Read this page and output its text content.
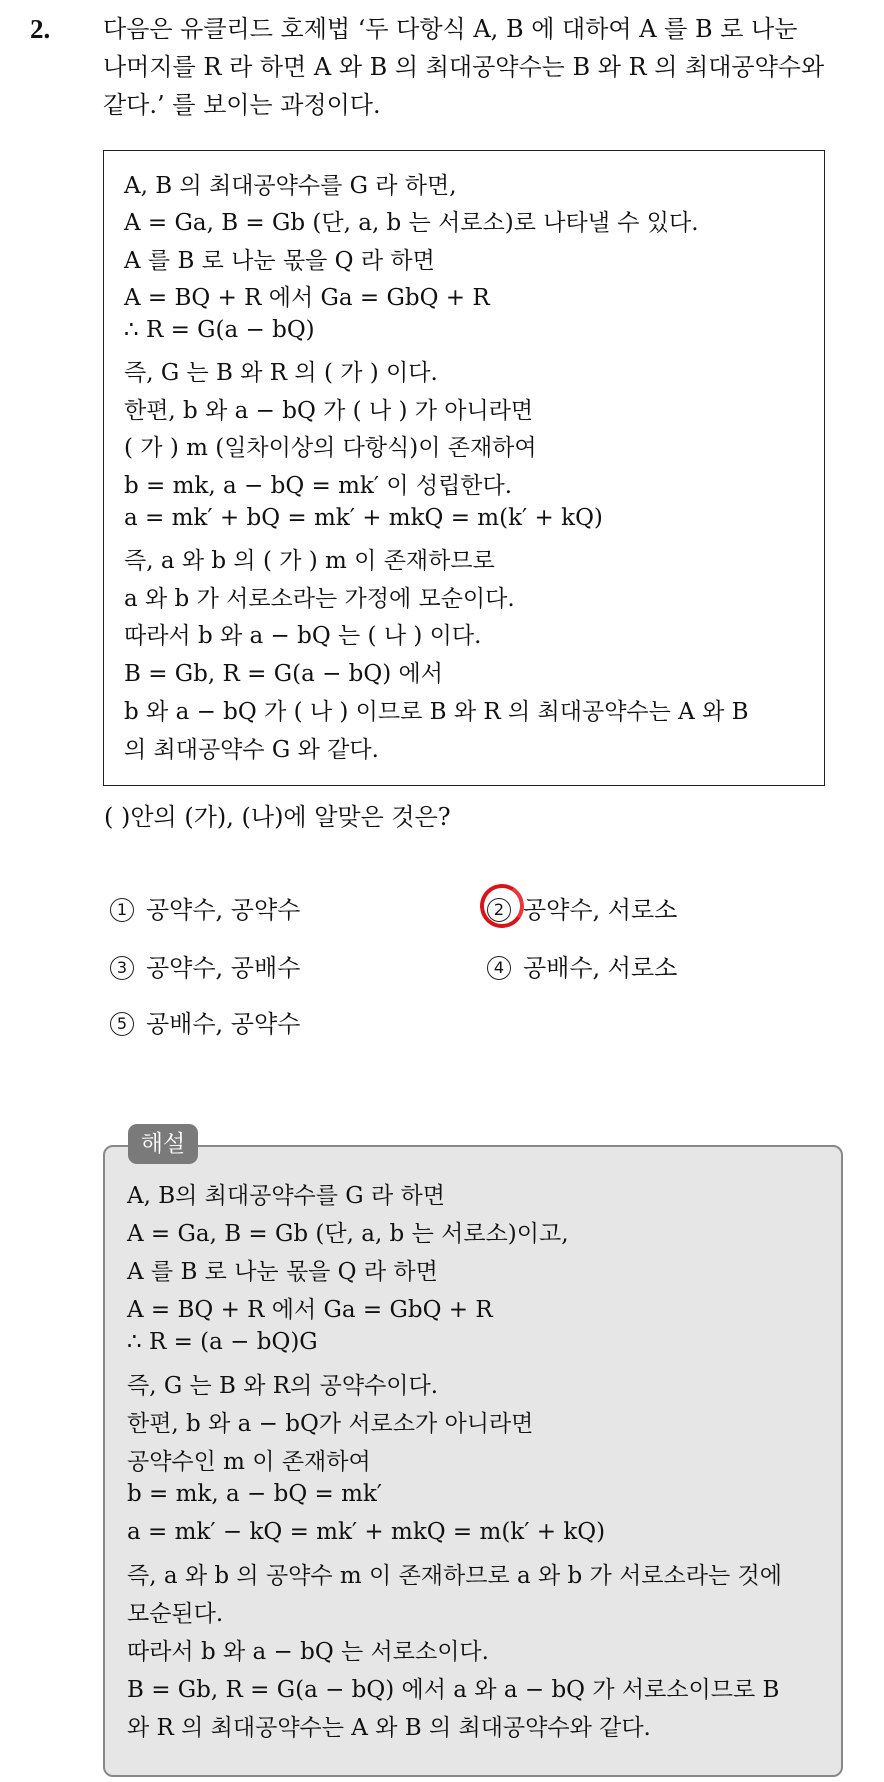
2. 다음은 유클리드 호제법 ‘두 다항식 A, B 에 대하여 A 를 B 로 나눈
나머지를 R 라 하면 A 와 B 의 최대공약수는 B 와 R 의 최대공약수와
같다.’ 를 보이는 과정이다.
A, B 의 최대공약수를 G 라 하면,
A = Ga, B = Gb (단, a, b 는 서로소)로 나타낼 수 있다.
A 를 B 로 나눈 몫을 Q 라 하면
A = BQ + R 에서 Ga = GbQ + R
∴ R = G(a − bQ)
즉, G 는 B 와 R 의 ( 가 ) 이다.
한편, b 와 a − bQ 가 ( 나 ) 가 아니라면
( 가 ) m (일차이상의 다항식)이 존재하여
b = mk, a − bQ = mk′ 이 성립한다.
a = mk′ + bQ = mk′ + mkQ = m(k′ + kQ)
즉, a 와 b 의 ( 가 ) m 이 존재하므로
a 와 b 가 서로소라는 가정에 모순이다.
따라서 b 와 a − bQ 는 ( 나 ) 이다.
B = Gb, R = G(a − bQ) 에서
b 와 a − bQ 가 ( 나 ) 이므로 B 와 R 의 최대공약수는 A 와 B
의 최대공약수 G 와 같다.
( )안의 (가), (나)에 알맞은 것은?
1 공약수, 공약수	2 공약수, 서로소
3 공약수, 공배수	4 공배수, 서로소
5 공배수, 공약수
A, B의 최대공약수를 G 라 하면
A = Ga, B = Gb (단, a, b 는 서로소)이고,
A 를 B 로 나눈 몫을 Q 라 하면
A = BQ + R 에서 Ga = GbQ + R
∴ R = (a − bQ)G
즉, G 는 B 와 R의 공약수이다.
한편, b 와 a − bQ가 서로소가 아니라면
공약수인 m 이 존재하여
b = mk, a − bQ = mk′
a = mk′ − kQ = mk′ + mkQ = m(k′ + kQ)
즉, a 와 b 의 공약수 m 이 존재하므로 a 와 b 가 서로소라는 것에
모순된다.
따라서 b 와 a − bQ 는 서로소이다.
B = Gb, R = G(a − bQ) 에서 a 와 a − bQ 가 서로소이므로 B
와 R 의 최대공약수는 A 와 B 의 최대공약수와 같다.
해설
